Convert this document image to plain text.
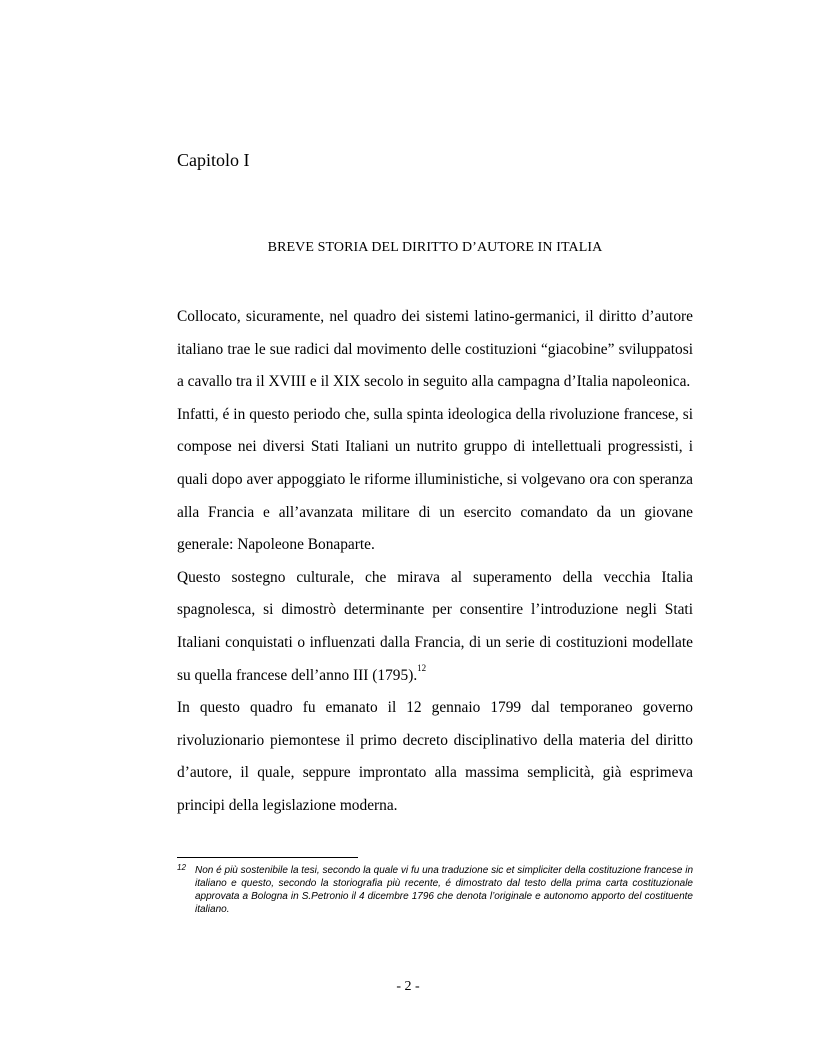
Capitolo I
BREVE STORIA DEL DIRITTO D’AUTORE IN ITALIA

Collocato, sicuramente, nel quadro dei sistemi latino-germanici, il diritto d’autore italiano trae le sue radici dal movimento delle costituzioni “giacobine” sviluppatosi a cavallo tra il XVIII e il XIX secolo in seguito alla campagna d’Italia napoleonica.

Infatti, é in questo periodo che, sulla spinta ideologica della rivoluzione francese, si compose nei diversi Stati Italiani un nutrito gruppo di intellettuali progressisti, i quali dopo aver appoggiato le riforme illuministiche, si volgevano ora con speranza alla Francia e all’avanzata militare di un esercito comandato da un giovane generale: Napoleone Bonaparte.

Questo sostegno culturale, che mirava al superamento della vecchia Italia spagnolesca, si dimostrò determinante per consentire l’introduzione negli Stati Italiani conquistati o influenzati dalla Francia, di un serie di costituzioni modellate su quella francese dell’anno III (1795).$^{12}$

In questo quadro fu emanato il 12 gennaio 1799 dal temporaneo governo rivoluzionario piemontese il primo decreto disciplinativo della materia del diritto d’autore, il quale, seppure improntato alla massima semplicità, già esprimeva principi della legislazione moderna.

12 Non é più sostenibile la tesi, secondo la quale vi fu una traduzione sic et simpliciter della costituzione francese in italiano e questo, secondo la storiografia più recente, é dimostrato dal testo della prima carta costituzionale approvata a Bologna in S.Petronio il 4 dicembre 1796 che denota l’originale e autonomo apporto del costituente italiano.
- 2 -
